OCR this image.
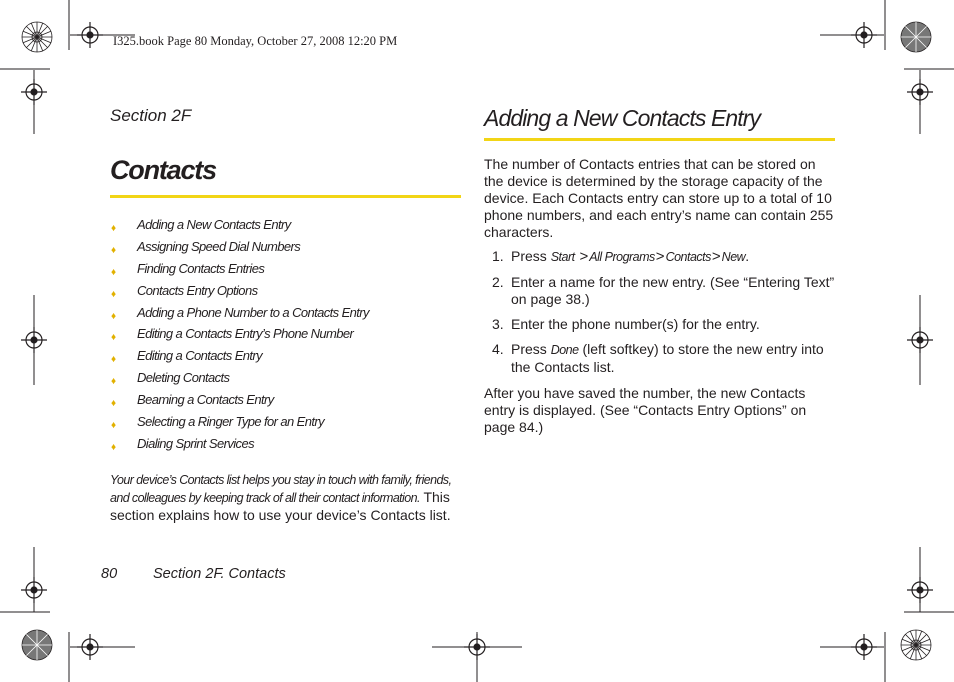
I325.book Page 80 Monday, October 27, 2008 12:20 PM
Section 2F
Contacts
♦ Adding a New Contacts Entry
♦ Assigning Speed Dial Numbers
♦ Finding Contacts Entries
♦ Contacts Entry Options
♦ Adding a Phone Number to a Contacts Entry
♦ Editing a Contacts Entry’s Phone Number
♦ Editing a Contacts Entry
♦ Deleting Contacts
♦ Beaming a Contacts Entry
♦ Selecting a Ringer Type for an Entry
♦ Dialing Sprint Services
Your device’s Contacts list helps you stay in touch with family, friends, and colleagues by keeping track of all their contact information. This section explains how to use your device’s Contacts list.
80 Section 2F. Contacts
Adding a New Contacts Entry
The number of Contacts entries that can be stored on the device is determined by the storage capacity of the device. Each Contacts entry can store up to a total of 10 phone numbers, and each entry’s name can contain 255 characters.
1. Press Start >All Programs>Contacts>New.
2. Enter a name for the new entry. (See “Entering Text” on page 38.)
3. Enter the phone number(s) for the entry.
4. Press Done (left softkey) to store the new entry into the Contacts list.
After you have saved the number, the new Contacts entry is displayed. (See “Contacts Entry Options” on page 84.)
